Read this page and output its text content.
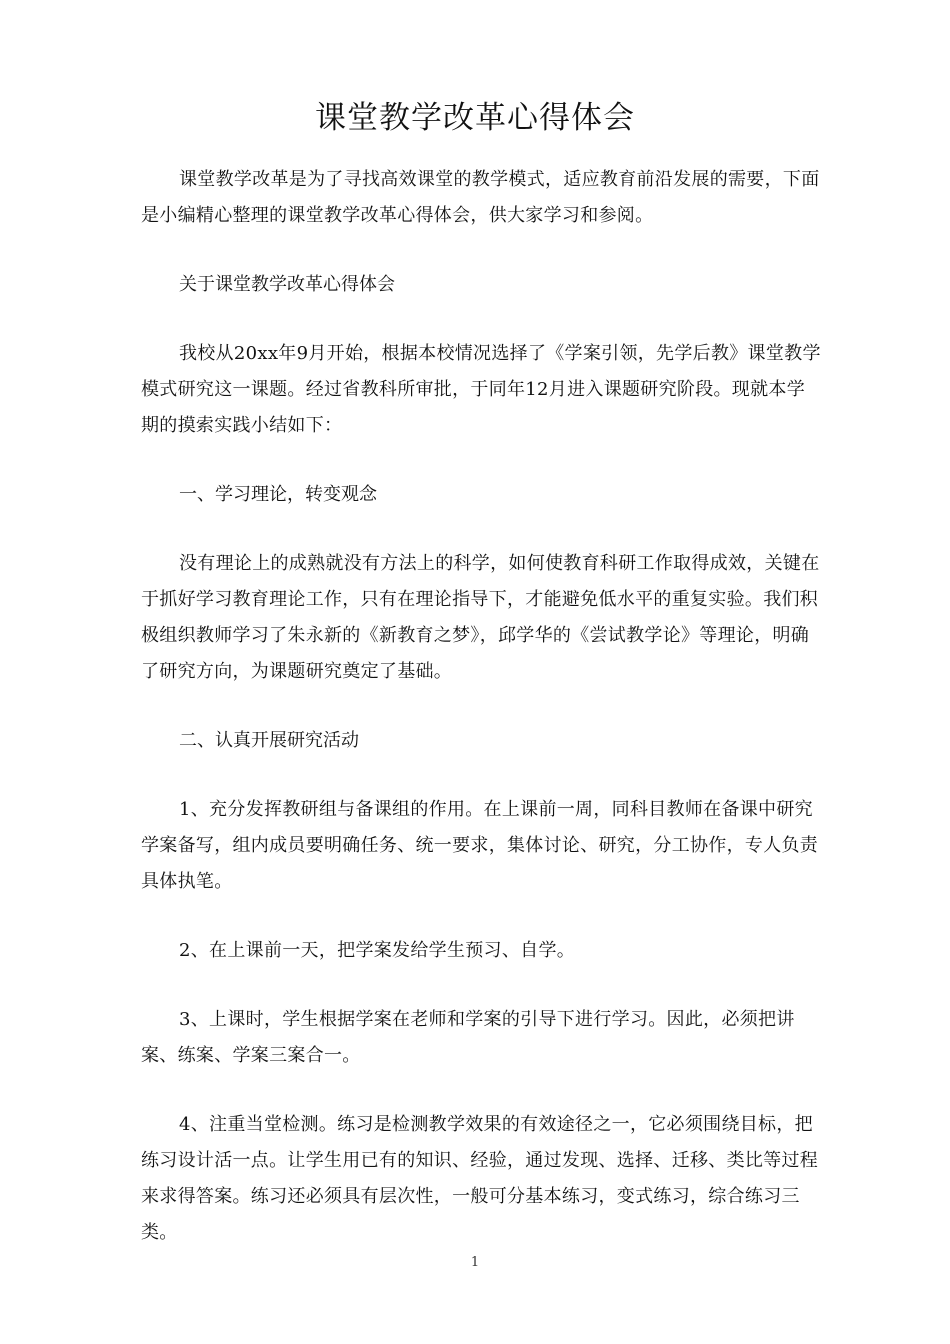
课堂教学改革心得体会

课堂教学改革是为了寻找高效课堂的教学模式，适应教育前沿发展的需要，下面是小编精心整理的课堂教学改革心得体会，供大家学习和参阅。

关于课堂教学改革心得体会

我校从20xx年9月开始，根据本校情况选择了《学案引领，先学后教》课堂教学模式研究这一课题。经过省教科所审批，于同年12月进入课题研究阶段。现就本学期的摸索实践小结如下：

一、学习理论，转变观念

没有理论上的成熟就没有方法上的科学，如何使教育科研工作取得成效，关键在于抓好学习教育理论工作，只有在理论指导下，才能避免低水平的重复实验。我们积极组织教师学习了朱永新的《新教育之梦》，邱学华的《尝试教学论》等理论，明确了研究方向，为课题研究奠定了基础。

二、认真开展研究活动

1、充分发挥教研组与备课组的作用。在上课前一周，同科目教师在备课中研究学案备写，组内成员要明确任务、统一要求，集体讨论、研究，分工协作，专人负责具体执笔。

2、在上课前一天，把学案发给学生预习、自学。

3、上课时，学生根据学案在老师和学案的引导下进行学习。因此，必须把讲案、练案、学案三案合一。

4、注重当堂检测。练习是检测教学效果的有效途径之一，它必须围绕目标，把练习设计活一点。让学生用已有的知识、经验，通过发现、选择、迁移、类比等过程来求得答案。练习还必须具有层次性，一般可分基本练习，变式练习，综合练习三类。

1
